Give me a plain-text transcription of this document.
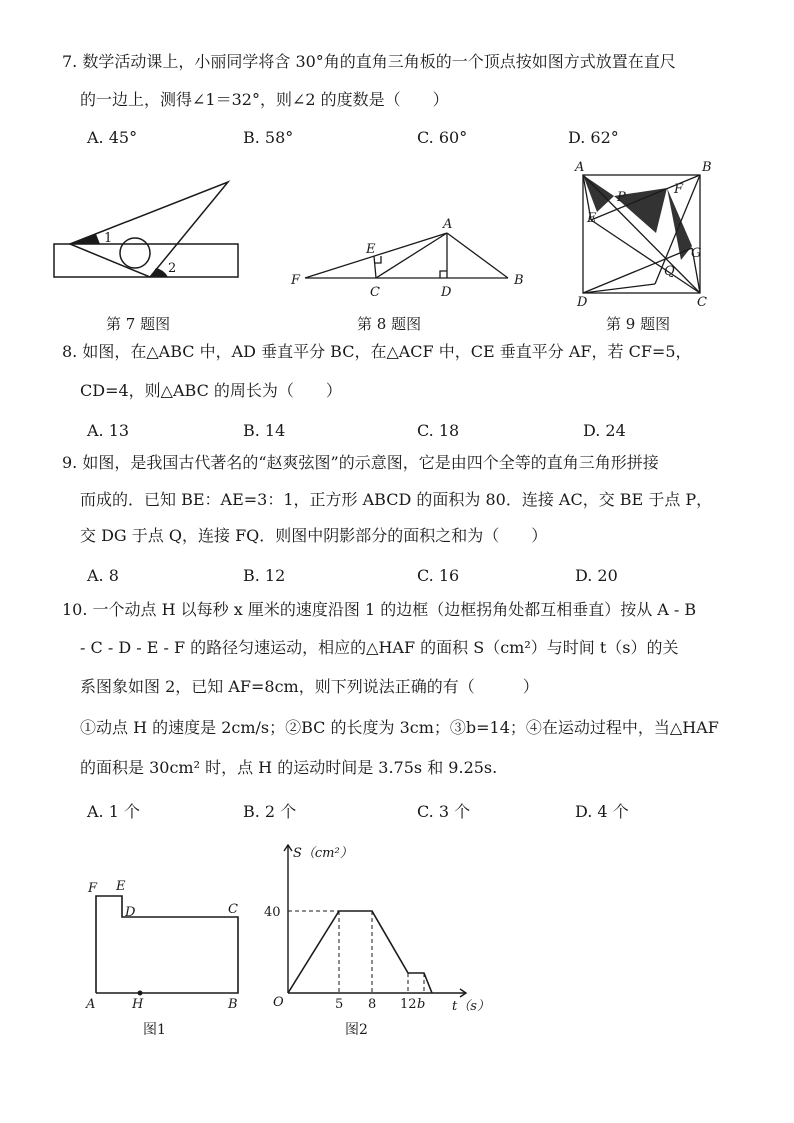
7. 数学活动课上，小丽同学将含 30°角的直角三角板的一个顶点按如图方式放置在直尺
的一边上，测得∠1＝32°，则∠2 的度数是（　　）
A. 45°	B. 58°	C. 60°	D. 62°
1
2
E
A
F
C	D
B
A	B
P
F
E
G
Q
D	C
第 7 题图	第 8 题图	第 9 题图
8. 如图，在△ABC 中，AD 垂直平分 BC，在△ACF 中，CE 垂直平分 AF，若 CF=5，
CD=4，则△ABC 的周长为（　　）
A. 13	B. 14	C. 18	D. 24
9. 如图，是我国古代著名的“赵爽弦图”的示意图，它是由四个全等的直角三角形拼接
而成的．已知 BE：AE=3：1，正方形 ABCD 的面积为 80．连接 AC，交 BE 于点 P，
交 DG 于点 Q，连接 FQ．则图中阴影部分的面积之和为（　　）
A. 8	B. 12	C. 16	D. 20
10. 一个动点 H 以每秒 x 厘米的速度沿图 1 的边框（边框拐角处都互相垂直）按从 A - B
- C - D - E - F 的路径匀速运动，相应的△HAF 的面积 S（cm²）与时间 t（s）的关
系图象如图 2，已知 AF=8cm，则下列说法正确的有（　　　）
①动点 H 的速度是 2cm/s；②BC 的长度为 3cm；③b=14；④在运动过程中，当△HAF
的面积是 30cm² 时，点 H 的运动时间是 3.75s 和 9.25s.
A. 1 个	B. 2 个	C. 3 个	D. 4 个
F E
D	C
A	H	B
图1
S（cm²）
40
O	5 8 12 b t（s）
图2
